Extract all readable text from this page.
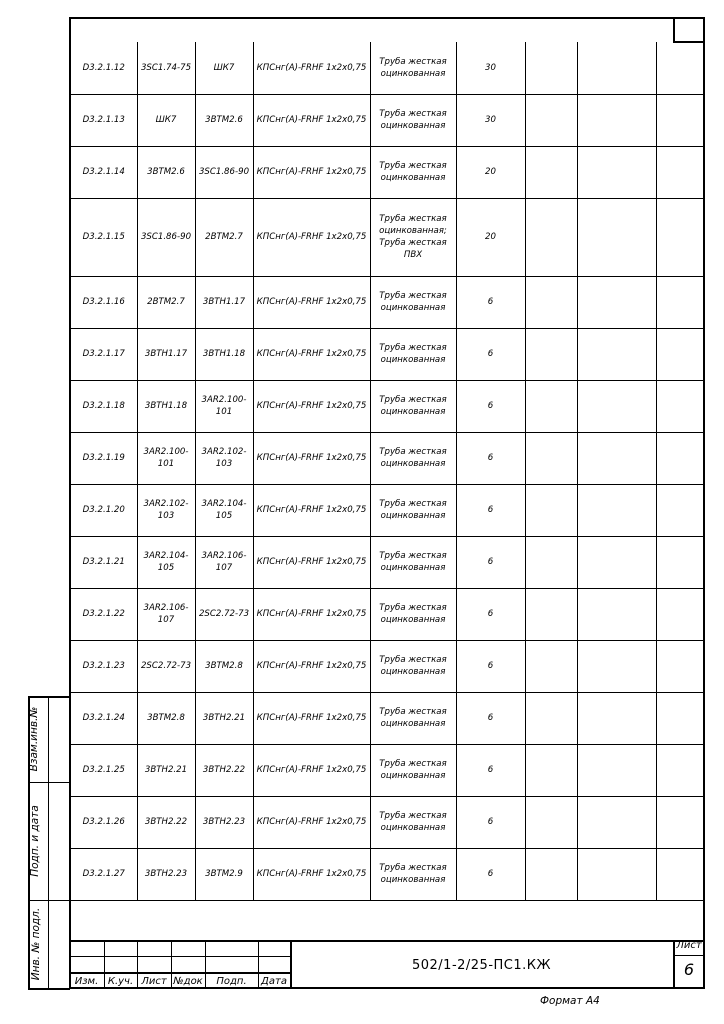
D3.2.1.12	3SC1.74-75	ШК7	КПСнг(А)-FRHF 1х2х0,75	Труба жесткая оцинкованная	30			
D3.2.1.13	ШК7	3ВТМ2.6	КПСнг(А)-FRHF 1х2х0,75	Труба жесткая оцинкованная	30			
D3.2.1.14	3ВТМ2.6	3SC1.86-90	КПСнг(А)-FRHF 1х2х0,75	Труба жесткая оцинкованная	20			
D3.2.1.15	3SC1.86-90	2ВТМ2.7	КПСнг(А)-FRHF 1х2х0,75	Труба жесткая оцинкованная; Труба жесткая ПВХ	20			
D3.2.1.16	2ВТМ2.7	3ВТН1.17	КПСнг(А)-FRHF 1х2х0,75	Труба жесткая оцинкованная	6			
D3.2.1.17	3ВТН1.17	3ВТН1.18	КПСнг(А)-FRHF 1х2х0,75	Труба жесткая оцинкованная	6			
D3.2.1.18	3ВТН1.18	3AR2.100-101	КПСнг(А)-FRHF 1х2х0,75	Труба жесткая оцинкованная	6			
D3.2.1.19	3AR2.100-101	3AR2.102-103	КПСнг(А)-FRHF 1х2х0,75	Труба жесткая оцинкованная	6			
D3.2.1.20	3AR2.102-103	3AR2.104-105	КПСнг(А)-FRHF 1х2х0,75	Труба жесткая оцинкованная	6			
D3.2.1.21	3AR2.104-105	3AR2.106-107	КПСнг(А)-FRHF 1х2х0,75	Труба жесткая оцинкованная	6			
D3.2.1.22	3AR2.106-107	2SC2.72-73	КПСнг(А)-FRHF 1х2х0,75	Труба жесткая оцинкованная	6			
D3.2.1.23	2SC2.72-73	3ВТМ2.8	КПСнг(А)-FRHF 1х2х0,75	Труба жесткая оцинкованная	6			
D3.2.1.24	3ВТМ2.8	3ВТН2.21	КПСнг(А)-FRHF 1х2х0,75	Труба жесткая оцинкованная	6			
D3.2.1.25	3ВТН2.21	3ВТН2.22	КПСнг(А)-FRHF 1х2х0,75	Труба жесткая оцинкованная	6			
D3.2.1.26	3ВТН2.22	3ВТН2.23	КПСнг(А)-FRHF 1х2х0,75	Труба жесткая оцинкованная	6			
D3.2.1.27	3ВТН2.23	3ВТМ2.9	КПСнг(А)-FRHF 1х2х0,75	Труба жесткая оцинкованная	6			

Взам.инв.№
Подп. и дата
Инв. № подл.
Изм. К.уч. Лист №док	Подп.	Дата
502/1-2/25-ПС1.КЖ
Лист
6
Формат А4
